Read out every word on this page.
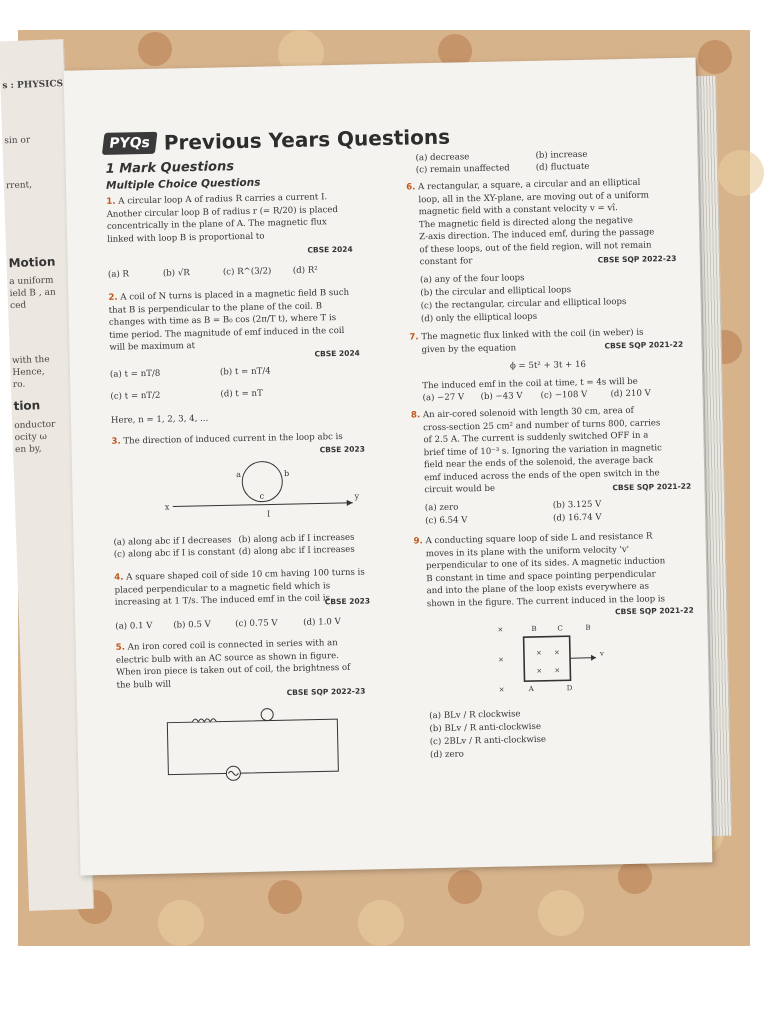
s : PHYSICS
sin or
rrent,
Motion
a uniform
ield B , an
ced
with the
Hence,
ro.
tion
onductor
ocity ω
en by,
PYQs Previous Years Questions
1 Mark Questions
Multiple Choice Questions
1. A circular loop A of radius R carries a current I.
Another circular loop B of radius r (= R/20) is placed
concentrically in the plane of A. The magnetic flux
linked with loop B is proportional to
CBSE 2024
(a) R	(b) √R	(c) R^(3/2) (d) R²
2. A coil of N turns is placed in a magnetic field B such
that B is perpendicular to the plane of the coil. B
changes with time as B = B₀ cos (2π/T t), where T is
time period. The magnitude of emf induced in the coil
will be maximum at
CBSE 2024
(a) t = nT/8	(b) t = nT/4
(c) t = nT/2	(d) t = nT
Here, n = 1, 2, 3, 4, ...
3. The direction of induced current in the loop abc is
CBSE 2023
a	b
c
x
y
I
(a) along abc if I decreases (b) along acb if I increases
(c) along abc if I is constant (d) along abc if I increases
4. A square shaped coil of side 10 cm having 100 turns is
placed perpendicular to a magnetic field which is
increasing at 1 T/s. The induced emf in the coil is
CBSE 2023
(a) 0.1 V (b) 0.5 V	(c) 0.75 V	(d) 1.0 V
5. An iron cored coil is connected in series with an
electric bulb with an AC source as shown in figure.
When iron piece is taken out of coil, the brightness of
the bulb will
CBSE SQP 2022-23
(a) decrease	(b) increase
(c) remain unaffected	(d) fluctuate
6. A rectangular, a square, a circular and an elliptical
loop, all in the XY-plane, are moving out of a uniform
magnetic field with a constant velocity v = vî.
The magnetic field is directed along the negative
Z-axis direction. The induced emf, during the passage
of these loops, out of the field region, will not remain
constant for	CBSE SQP 2022-23
(a) any of the four loops
(b) the circular and elliptical loops
(c) the rectangular, circular and elliptical loops
(d) only the elliptical loops
7. The magnetic flux linked with the coil (in weber) is
given by the equation	CBSE SQP 2021-22
ϕ = 5t² + 3t + 16
The induced emf in the coil at time, t = 4s will be
(a) −27 V (b) −43 V (c) −108 V	(d) 210 V
8. An air-cored solenoid with length 30 cm, area of
cross-section 25 cm² and number of turns 800, carries
of 2.5 A. The current is suddenly switched OFF in a
brief time of 10⁻³ s. Ignoring the variation in magnetic
field near the ends of the solenoid, the average back
emf induced across the ends of the open switch in the
circuit would be	CBSE SQP 2021-22
(a) zero	(b) 3.125 V
(c) 6.54 V	(d) 16.74 V
9. A conducting square loop of side L and resistance R
moves in its plane with the uniform velocity 'v'
perpendicular to one of its sides. A magnetic induction
B constant in time and space pointing perpendicular
and into the plane of the loop exists everywhere as
shown in the figure. The current induced in the loop is
CBSE SQP 2021-22
×	B	C	B
×
× ×
× ×
v
×	A	D
(a) BLv / R clockwise
(b) BLv / R anti-clockwise
(c) 2BLv / R anti-clockwise
(d) zero
